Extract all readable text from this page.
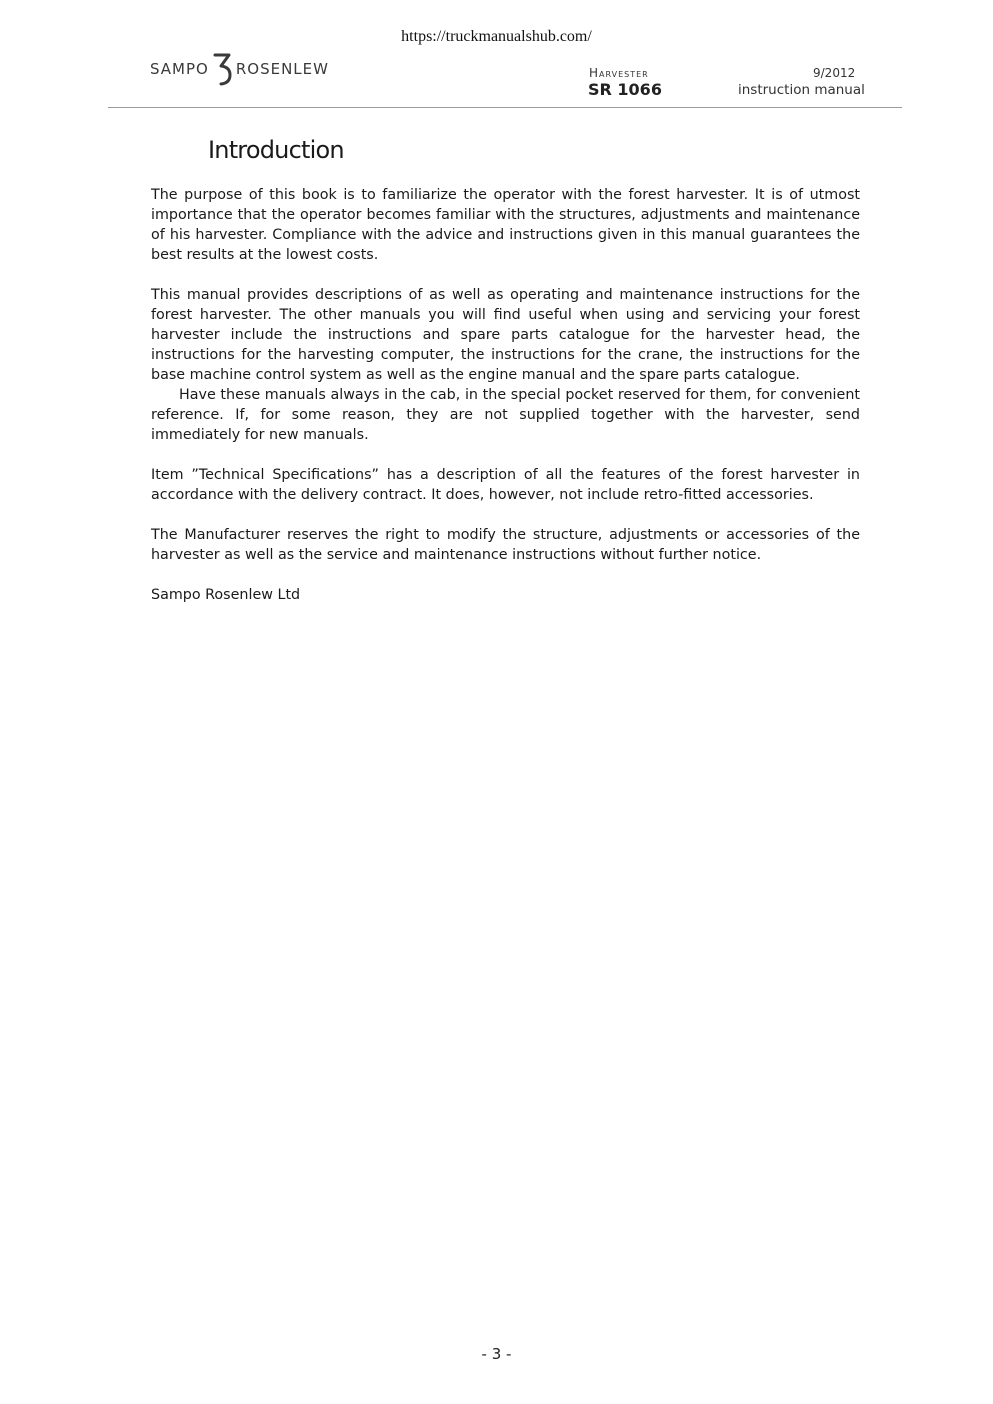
https://truckmanualshub.com/
SAMPO ROSENLEW	Harvester
SR 1066
9/2012
instruction manual
Introduction

The purpose of this book is to familiarize the operator with the forest harvester. It is of utmost importance that the operator becomes familiar with the structures, adjustments and maintenance of his harvester. Compliance with the advice and instructions given in this manual guarantees the best results at the lowest costs.

This manual provides descriptions of as well as operating and maintenance instructions for the forest harvester. The other manuals you will find useful when using and servicing your forest harvester include the instructions and spare parts catalogue for the harvester head, the instructions for the harvesting computer, the instructions for the crane, the instructions for the base machine control system as well as the engine manual and the spare parts catalogue.

Have these manuals always in the cab, in the special pocket reserved for them, for convenient reference. If, for some reason, they are not supplied together with the harvester, send immediately for new manuals.

Item ”Technical Specifications” has a description of all the features of the forest harvester in accordance with the delivery contract. It does, however, not include retro-fitted accessories.

The Manufacturer reserves the right to modify the structure, adjustments or accessories of the harvester as well as the service and maintenance instructions without further notice.

Sampo Rosenlew Ltd

- 3 -
